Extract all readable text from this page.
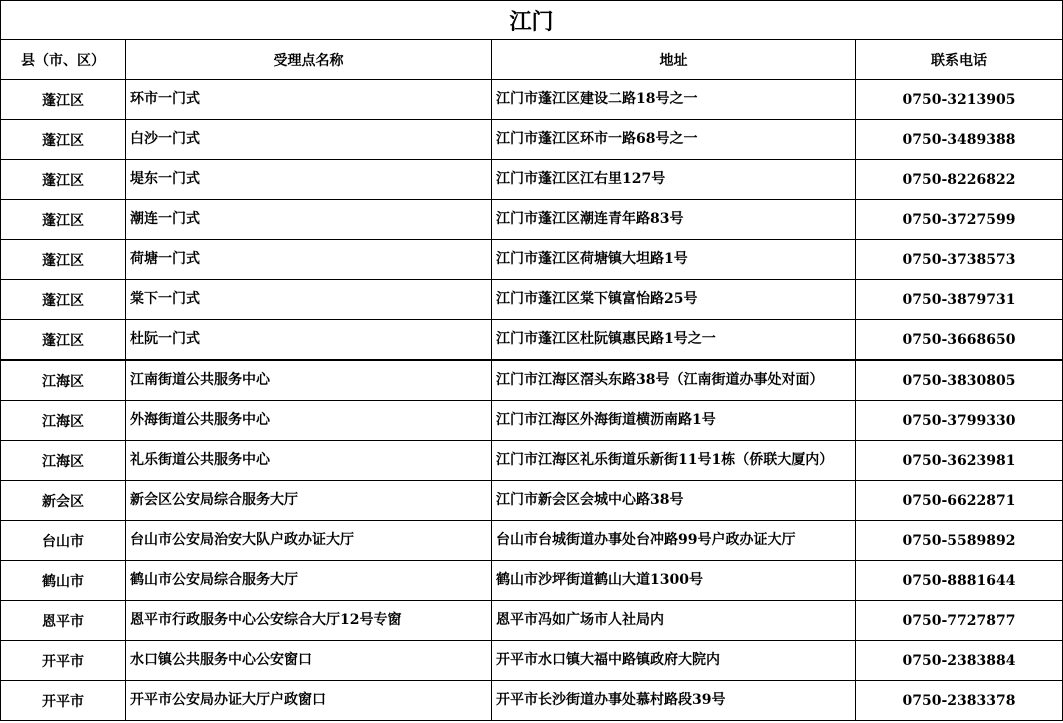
江门			
县（市、区）	受理点名称	地址	联系电话
蓬江区	环市一门式	江门市蓬江区建设二路18号之一	0750-3213905
蓬江区	白沙一门式	江门市蓬江区环市一路68号之一	0750-3489388
蓬江区	堤东一门式	江门市蓬江区江右里127号	0750-8226822
蓬江区	潮连一门式	江门市蓬江区潮连青年路83号	0750-3727599
蓬江区	荷塘一门式	江门市蓬江区荷塘镇大坦路1号	0750-3738573
蓬江区	棠下一门式	江门市蓬江区棠下镇富怡路25号	0750-3879731
蓬江区	杜阮一门式	江门市蓬江区杜阮镇惠民路1号之一	0750-3668650
江海区	江南街道公共服务中心	江门市江海区滘头东路38号（江南街道办事处对面）	0750-3830805
江海区	外海街道公共服务中心	江门市江海区外海街道横沥南路1号	0750-3799330
江海区	礼乐街道公共服务中心	江门市江海区礼乐街道乐新街11号1栋（侨联大厦内）	0750-3623981
新会区	新会区公安局综合服务大厅	江门市新会区会城中心路38号	0750-6622871
台山市	台山市公安局治安大队户政办证大厅	台山市台城街道办事处台冲路99号户政办证大厅	0750-5589892
鹤山市	鹤山市公安局综合服务大厅	鹤山市沙坪街道鹤山大道1300号	0750-8881644
恩平市	恩平市行政服务中心公安综合大厅12号专窗	恩平市冯如广场市人社局内	0750-7727877
开平市	水口镇公共服务中心公安窗口	开平市水口镇大福中路镇政府大院内	0750-2383884
开平市	开平市公安局办证大厅户政窗口	开平市长沙街道办事处慕村路段39号	0750-2383378
